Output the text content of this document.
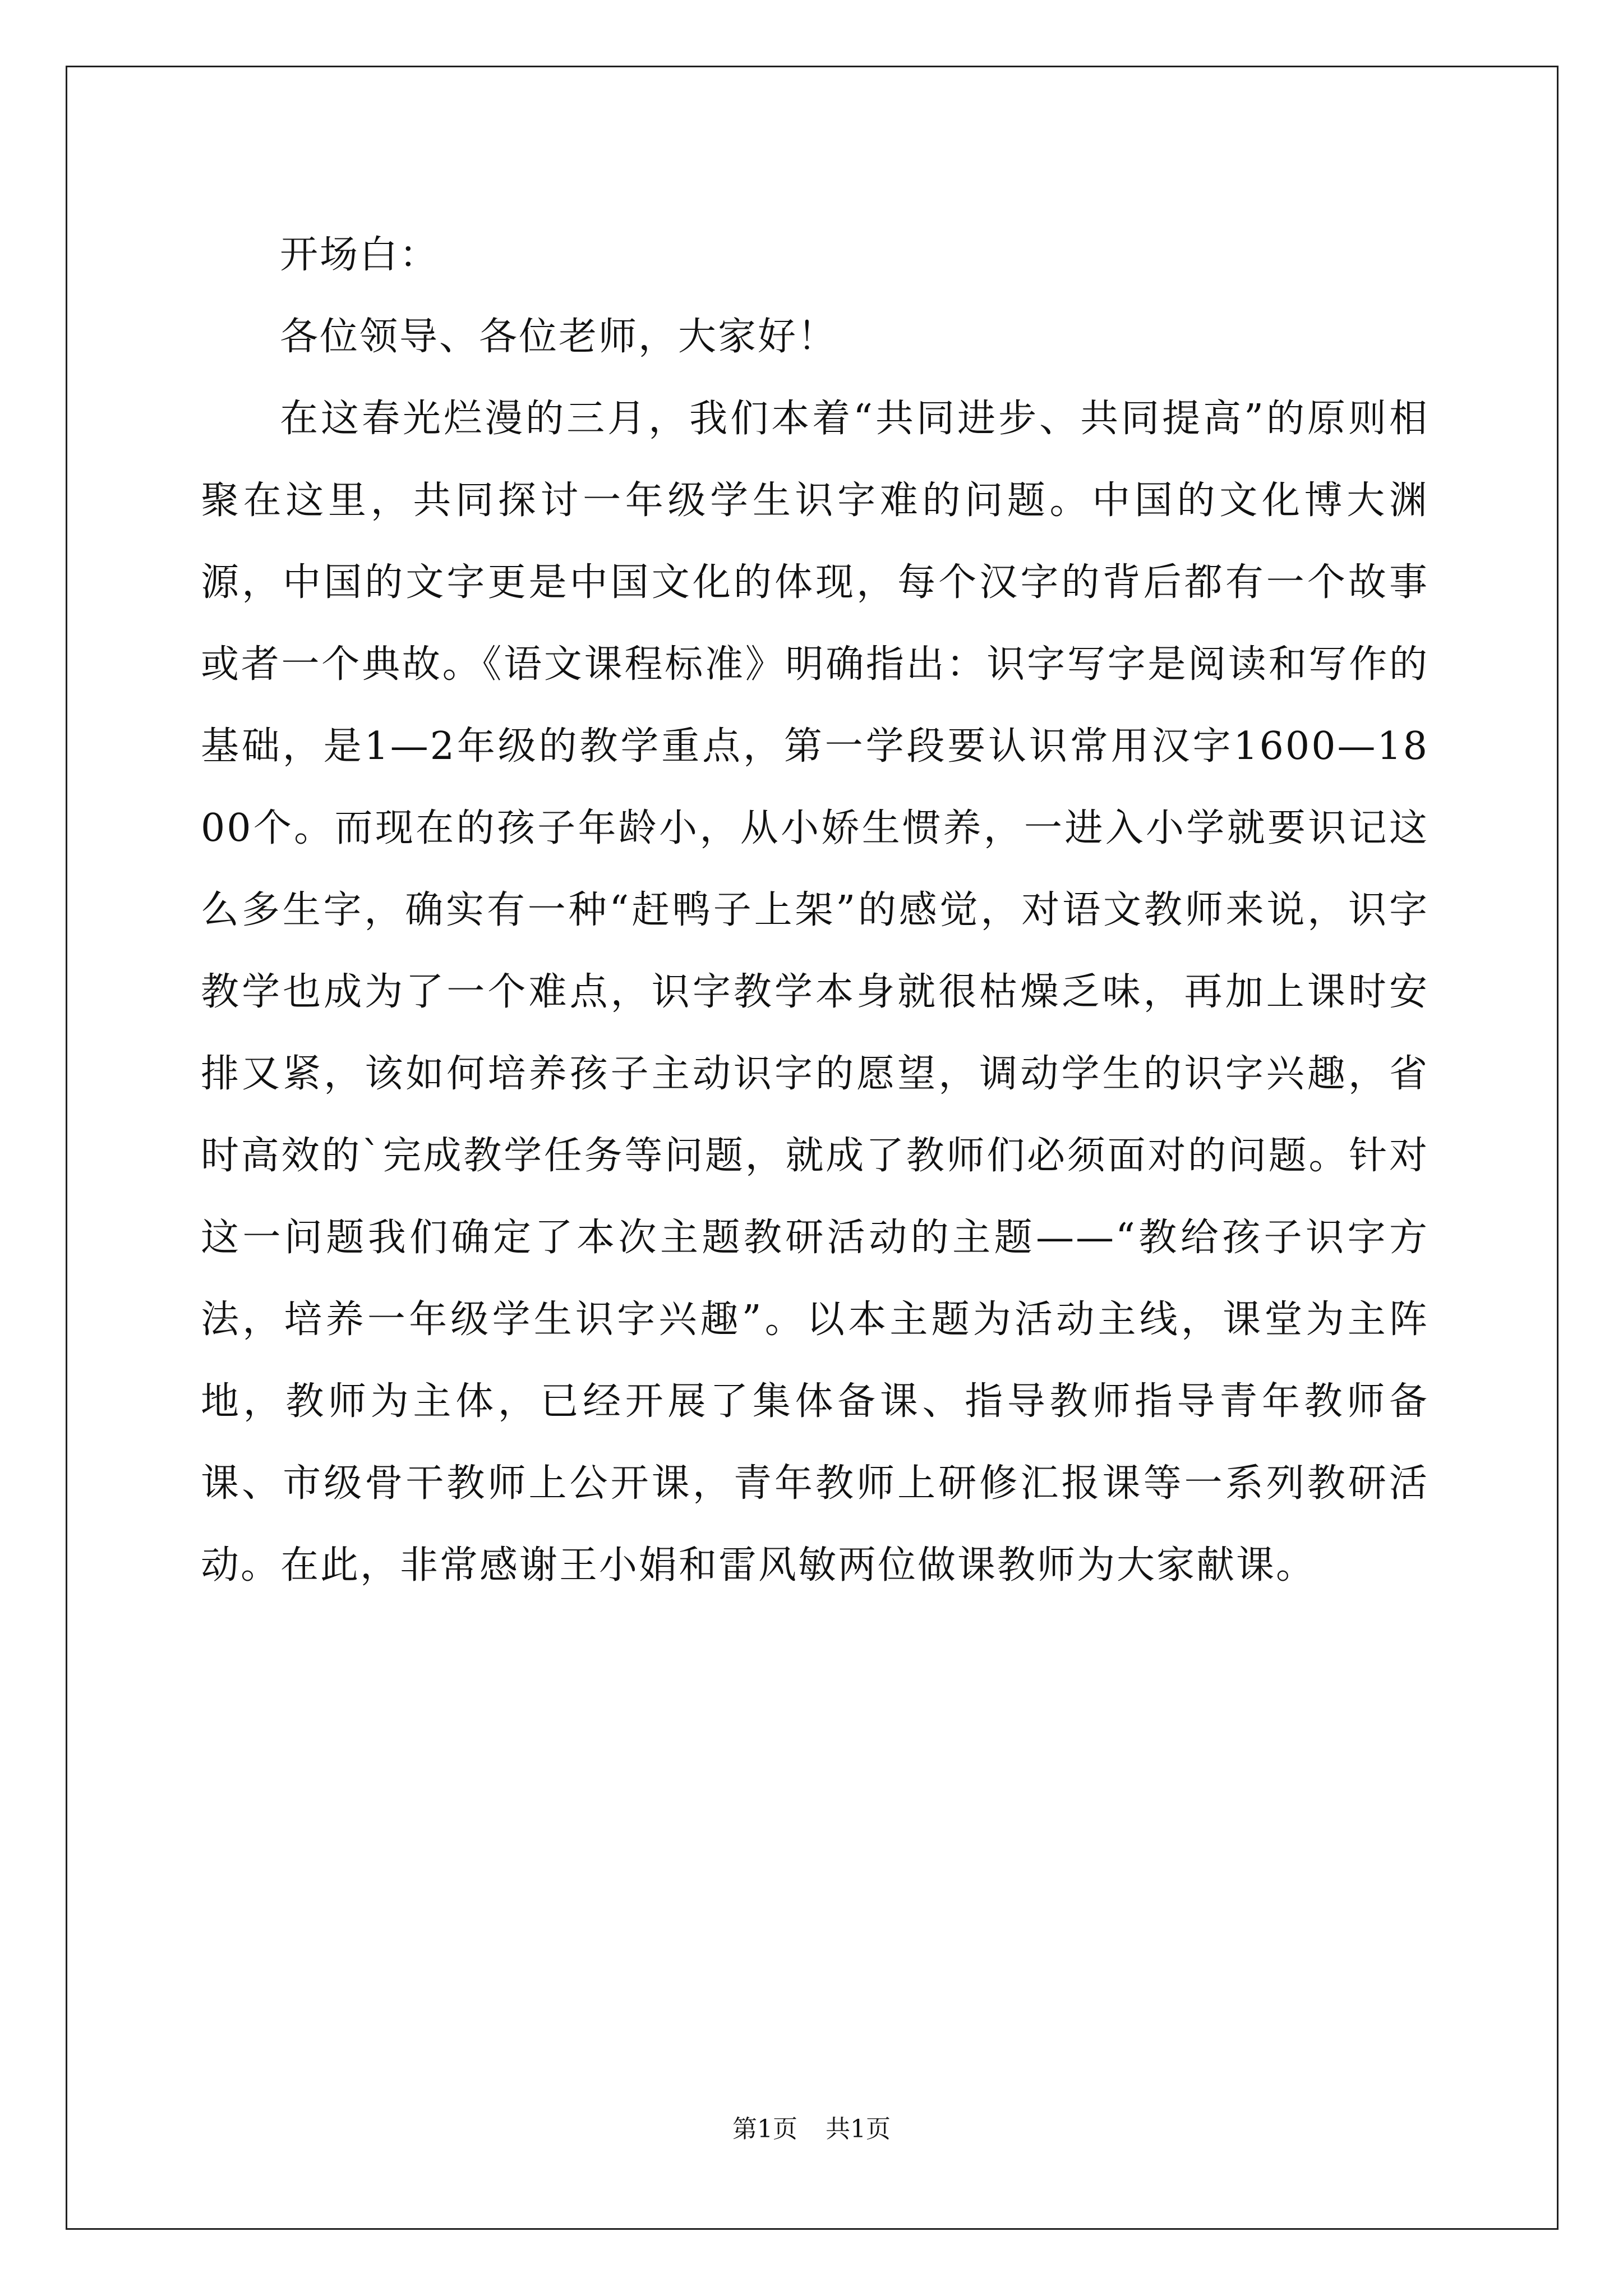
开场白：

各位领导、各位老师，大家好！

在这春光烂漫的三月，我们本着“共同进步、共同提高”的原则相聚在这里，共同探讨一年级学生识字难的问题。中国的文化博大渊源，中国的文字更是中国文化的体现，每个汉字的背后都有一个故事或者一个典故。《语文课程标准》明确指出：识字写字是阅读和写作的基础，是1—2年级的教学重点，第一学段要认识常用汉字1600—1800个。而现在的孩子年龄小，从小娇生惯养，一进入小学就要识记这么多生字，确实有一种“赶鸭子上架”的感觉，对语文教师来说，识字教学也成为了一个难点，识字教学本身就很枯燥乏味，再加上课时安排又紧，该如何培养孩子主动识字的愿望，调动学生的识字兴趣，省时高效的`完成教学任务等问题，就成了教师们必须面对的问题。针对这一问题我们确定了本次主题教研活动的主题——“教给孩子识字方法，培养一年级学生识字兴趣”。以本主题为活动主线，课堂为主阵地，教师为主体，已经开展了集体备课、指导教师指导青年教师备课、市级骨干教师上公开课，青年教师上研修汇报课等一系列教研活动。在此，非常感谢王小娟和雷风敏两位做课教师为大家献课。

第1页 共1页
